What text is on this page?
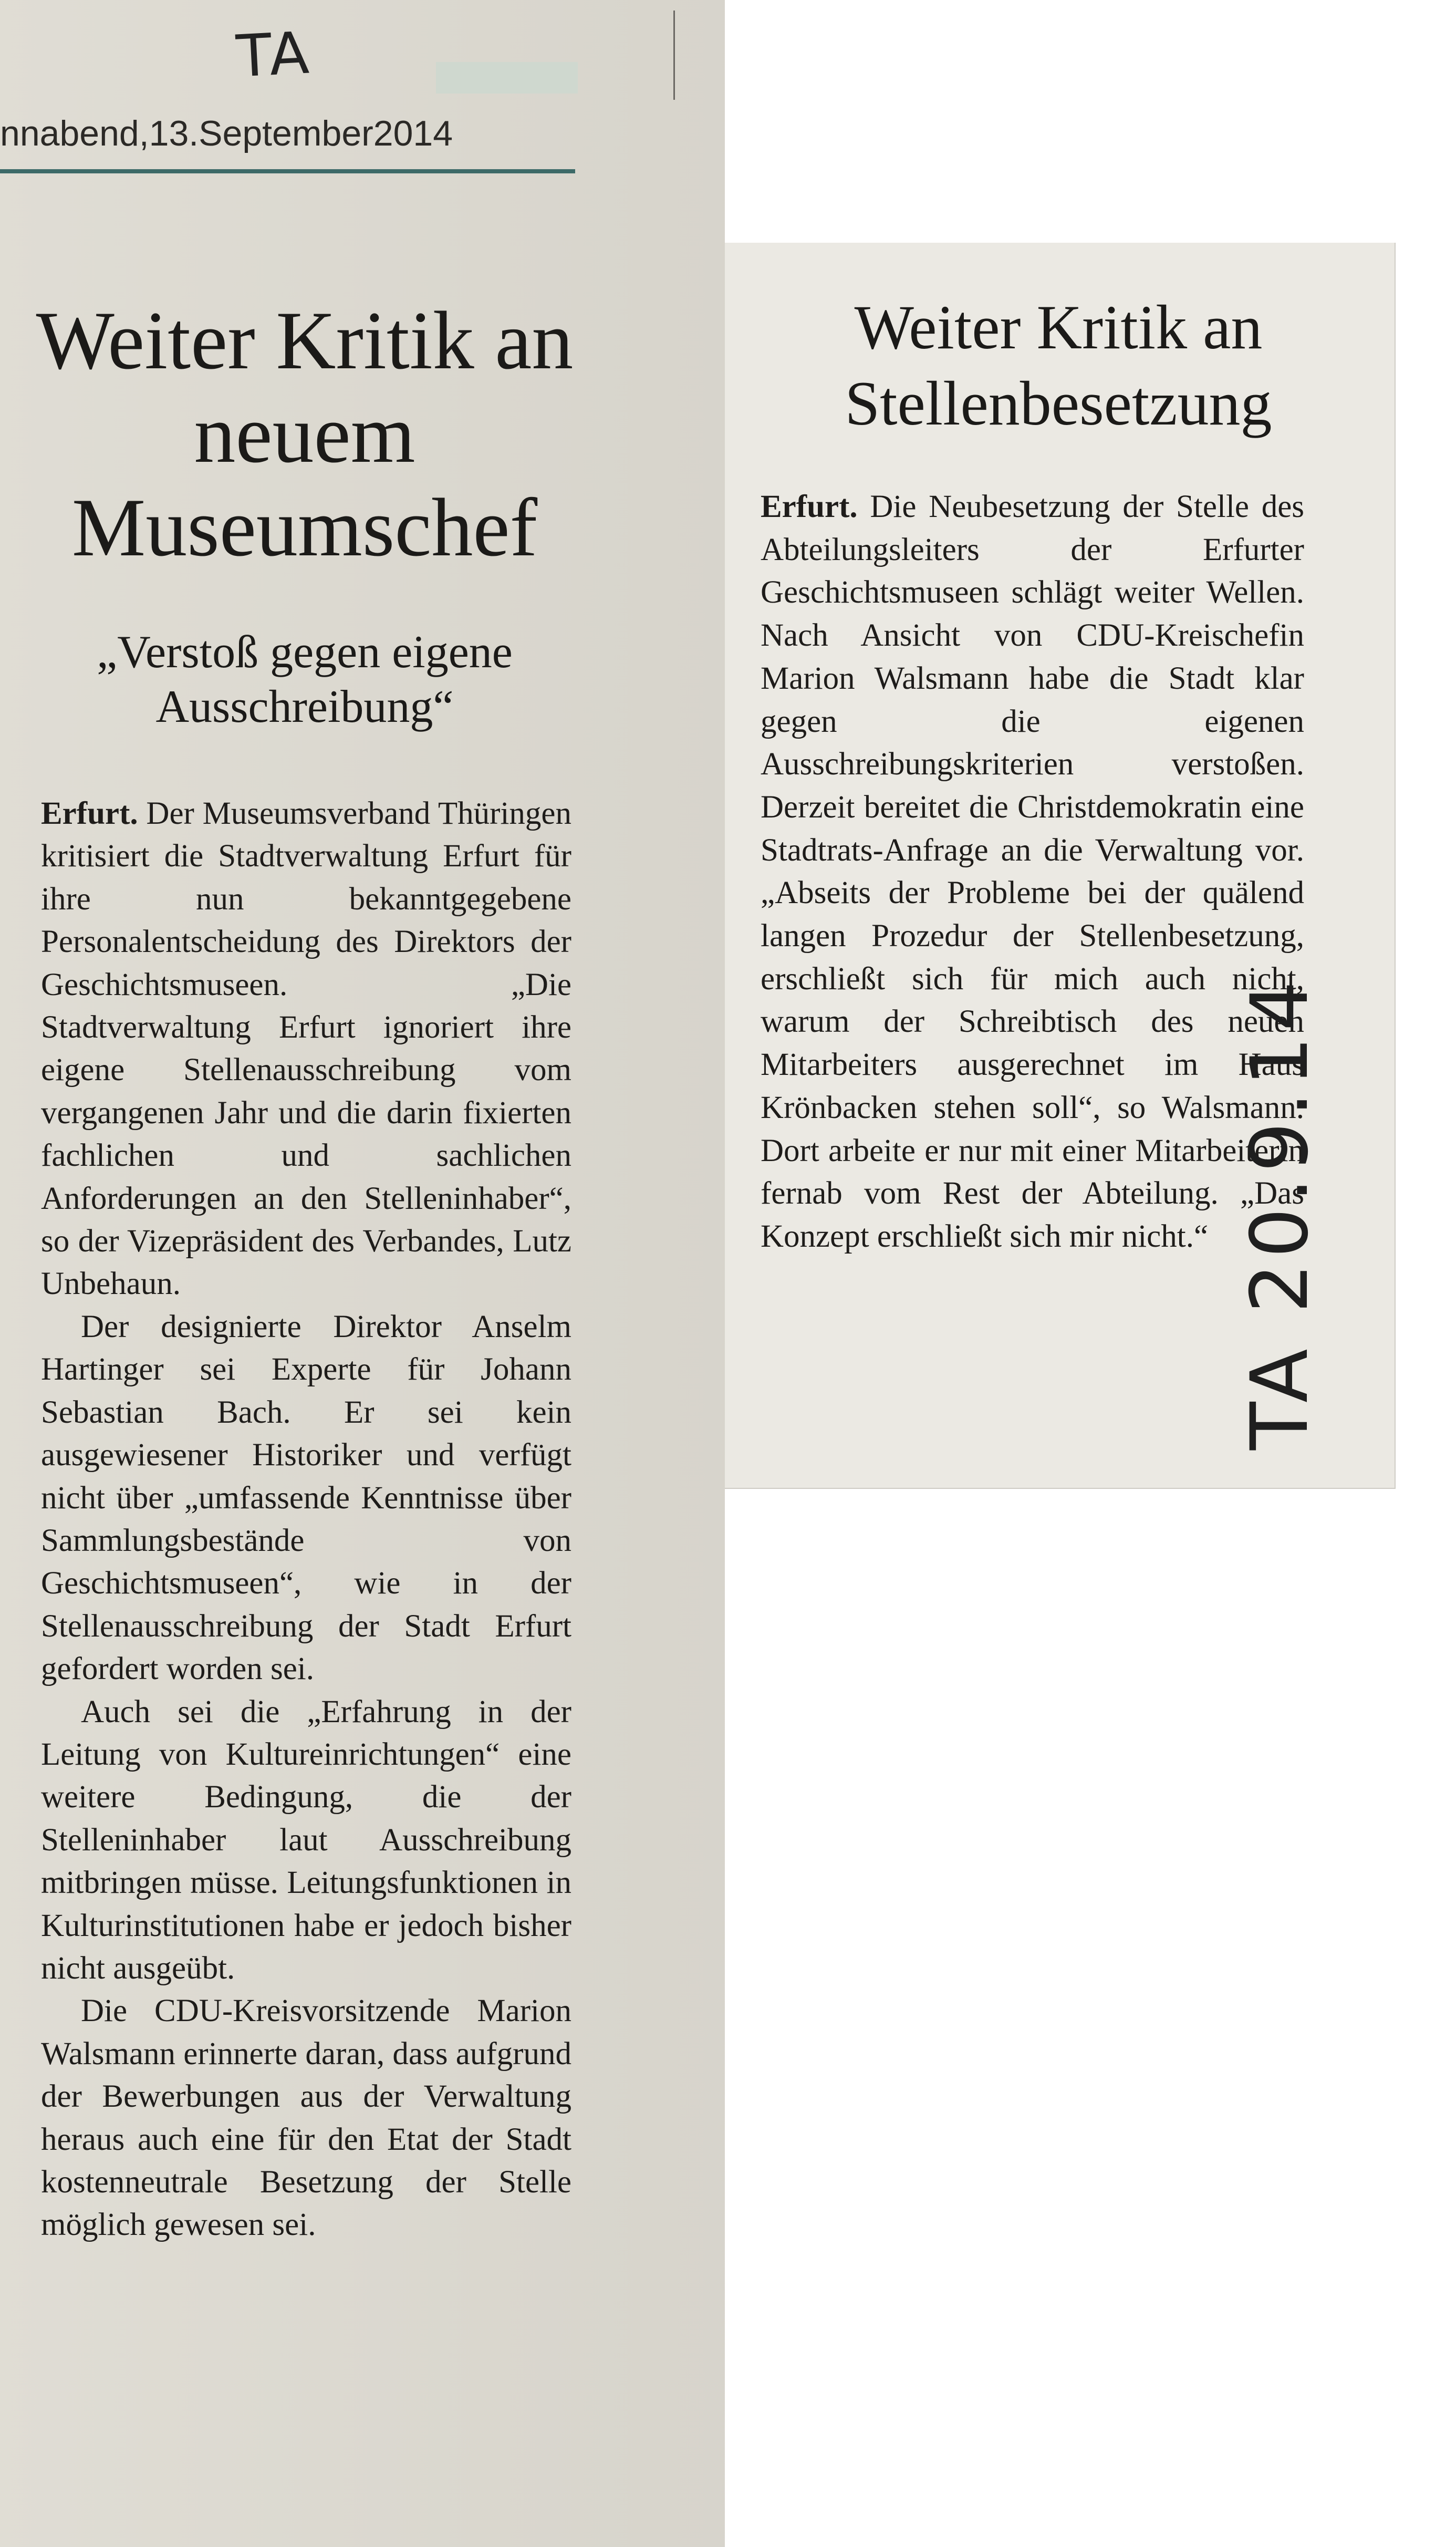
TA
nnabend,13.September2014
Weiter Kritik an neuem Museumschef
„Verstoß gegen eigene Ausschreibung“

Erfurt. Der Museumsverband Thüringen kritisiert die Stadtverwaltung Erfurt für ihre nun bekanntgegebene Personalentscheidung des Direktors der Geschichtsmuseen. „Die Stadtverwaltung Erfurt ignoriert ihre eigene Stellenausschreibung vom vergangenen Jahr und die darin fixierten fachlichen und sachlichen Anforderungen an den Stelleninhaber“, so der Vizepräsident des Verbandes, Lutz Unbehaun.

Der designierte Direktor Anselm Hartinger sei Experte für Johann Sebastian Bach. Er sei kein ausgewiesener Historiker und verfügt nicht über „umfassende Kenntnisse über Sammlungsbestände von Geschichtsmuseen“, wie in der Stellenausschreibung der Stadt Erfurt gefordert worden sei.

Auch sei die „Erfahrung in der Leitung von Kultureinrichtungen“ eine weitere Bedingung, die der Stelleninhaber laut Ausschreibung mitbringen müsse. Leitungsfunktionen in Kulturinstitutionen habe er jedoch bisher nicht ausgeübt.

Die CDU-Kreisvorsitzende Marion Walsmann erinnerte daran, dass aufgrund der Bewerbungen aus der Verwaltung heraus auch eine für den Etat der Stadt kostenneutrale Besetzung der Stelle möglich gewesen sei.

Weiter Kritik an Stellenbesetzung

Erfurt. Die Neubesetzung der Stelle des Abteilungsleiters der Erfurter Geschichtsmuseen schlägt weiter Wellen. Nach Ansicht von CDU-Kreischefin Marion Walsmann habe die Stadt klar gegen die eigenen Ausschreibungskriterien verstoßen. Derzeit bereitet die Christdemokratin eine Stadtrats-Anfrage an die Verwaltung vor. „Abseits der Probleme bei der quälend langen Prozedur der Stellenbesetzung, erschließt sich für mich auch nicht, warum der Schreibtisch des neuen Mitarbeiters ausgerechnet im Haus Krönbacken stehen soll“, so Walsmann. Dort arbeite er nur mit einer Mitarbeiterin fernab vom Rest der Abteilung. „Das Konzept erschließt sich mir nicht.“ TA 20.9.14
